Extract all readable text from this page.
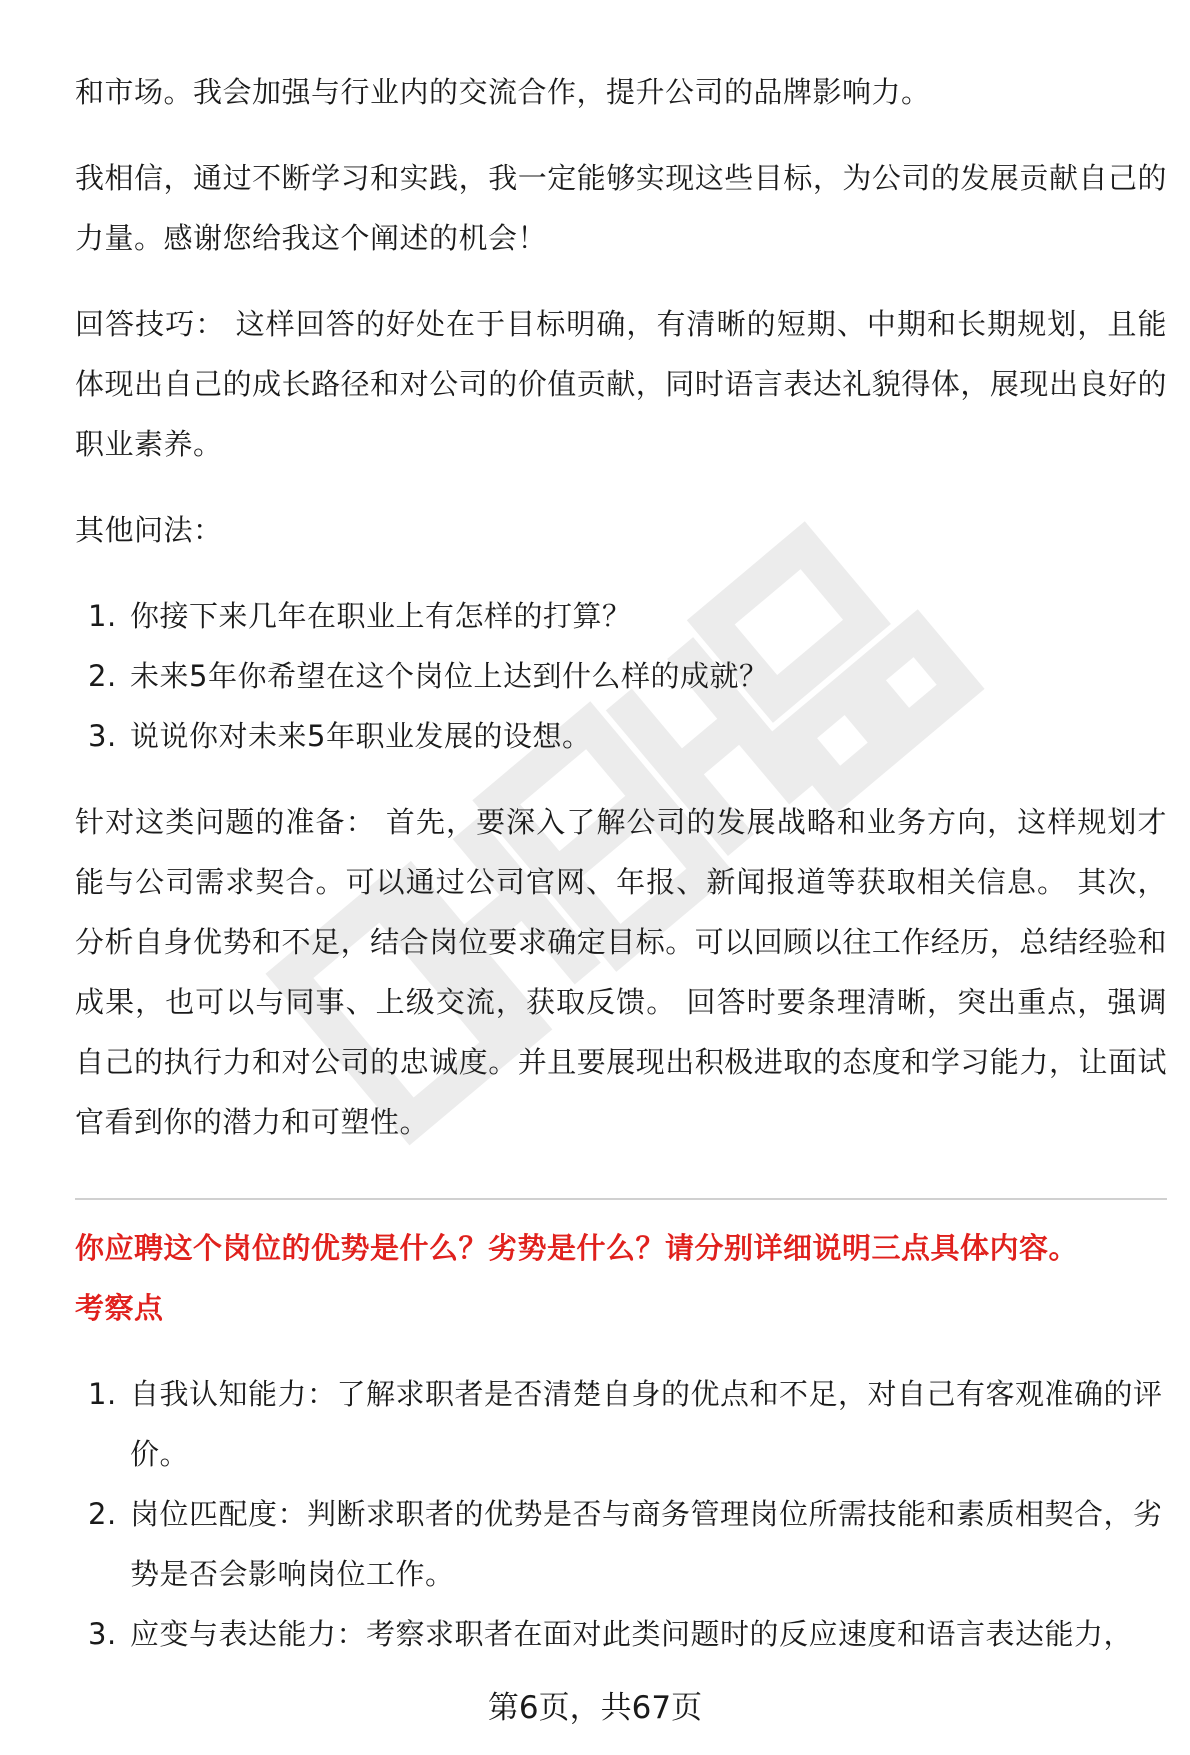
和市场。我会加强与行业内的交流合作，提升公司的品牌影响力。

我相信，通过不断学习和实践，我一定能够实现这些目标，为公司的发展贡献自己的力量。感谢您给我这个阐述的机会！

回答技巧： 这样回答的好处在于目标明确，有清晰的短期、中期和长期规划，且能体现出自己的成长路径和对公司的价值贡献，同时语言表达礼貌得体，展现出良好的职业素养。

其他问法：

1. 你接下来几年在职业上有怎样的打算？
2. 未来5年你希望在这个岗位上达到什么样的成就？
3. 说说你对未来5年职业发展的设想。

针对这类问题的准备： 首先，要深入了解公司的发展战略和业务方向，这样规划才能与公司需求契合。可以通过公司官网、年报、新闻报道等获取相关信息。 其次，分析自身优势和不足，结合岗位要求确定目标。可以回顾以往工作经历，总结经验和成果，也可以与同事、上级交流，获取反馈。 回答时要条理清晰，突出重点，强调自己的执行力和对公司的忠诚度。并且要展现出积极进取的态度和学习能力，让面试官看到你的潜力和可塑性。

你应聘这个岗位的优势是什么？劣势是什么？请分别详细说明三点具体内容。

考察点

1. 自我认知能力：了解求职者是否清楚自身的优点和不足，对自己有客观准确的评价。
2. 岗位匹配度：判断求职者的优势是否与商务管理岗位所需技能和素质相契合，劣势是否会影响岗位工作。
3. 应变与表达能力：考察求职者在面对此类问题时的反应速度和语言表达能力，
第6页，共67页
